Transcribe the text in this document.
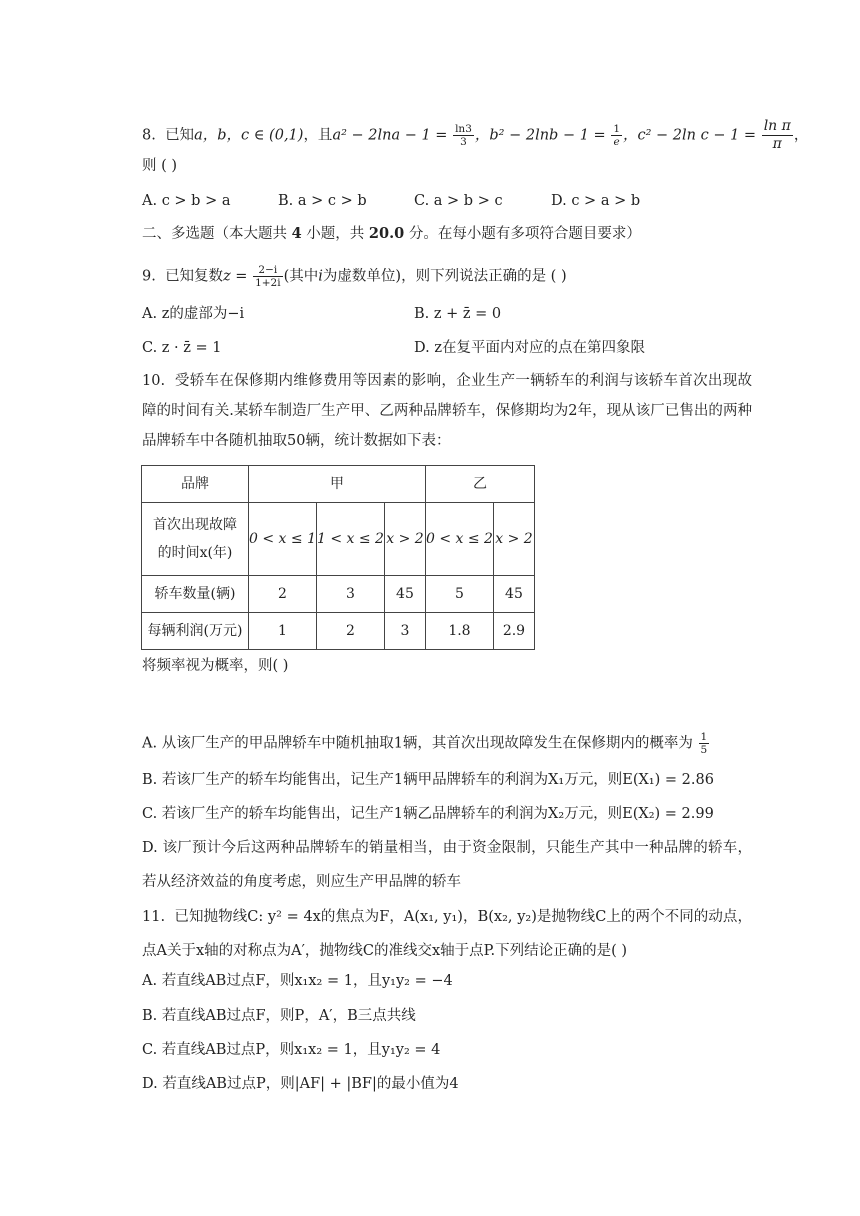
8. 已知a，b，c ∈ (0,1)，且$a^2 - 2\ln a - 1 = \frac{\ln 3}{3}$ ，$b^2 - 2\ln b - 1 = \frac{1}{e}$ ，c² − 2ln $c - 1 = \frac{\text{ln π}}{\pi}$ ，
则 ( )
A. c > b > a	B. a > c > b	C. a > b > c	D. c > a > b
二、多选题（本大题共 4 小题，共 20.0 分。在每小题有多项符合题目要求）
9. 已知复数$z = \frac{2-i}{1+2i}$ (其中i为虚数单位)，则下列说法正确的是 ( )
A. z的虚部为−i	B. z + z̄ = 0
C. z · z̄ = 1	D. z在复平面内对应的点在第四象限
10. 受轿车在保修期内维修费用等因素的影响，企业生产一辆轿车的利润与该轿车首次出现故障的时间有关.某轿车制造厂生产甲、乙两种品牌轿车，保修期均为2年，现从该厂已售出的两种品牌轿车中各随机抽取50辆，统计数据如下表：
品牌	甲			乙	

首次出现故障
的时间x(年)	0 < x ≤ 1	1 < x ≤ 2	x > 2	0 < x ≤ 2	x > 2
轿车数量(辆)	2	3	45	5	45
每辆利润(万元)	1	2	3	1.8	2.9
将频率视为概率，则( )
A. 从该厂生产的甲品牌轿车中随机抽取1辆，其首次出现故障发生在保修期内的概率为 $\frac{1}{5}$
B. 若该厂生产的轿车均能售出，记生产1辆甲品牌轿车的利润为X₁万元，则E(X₁) = 2.86
C. 若该厂生产的轿车均能售出，记生产1辆乙品牌轿车的利润为X₂万元，则E(X₂) = 2.99
D. 该厂预计今后这两种品牌轿车的销量相当，由于资金限制，只能生产其中一种品牌的轿车，若从经济效益的角度考虑，则应生产甲品牌的轿车
11. 已知抛物线C: y² = 4x的焦点为F，A(x₁, y₁)，B(x₂, y₂)是抛物线C上的两个不同的动点，点A关于x轴的对称点为A′，抛物线C的准线交x轴于点P.下列结论正确的是( )
A. 若直线AB过点F，则x₁x₂ = 1，且y₁y₂ = −4
B. 若直线AB过点F，则P，A′，B三点共线
C. 若直线AB过点P，则x₁x₂ = 1，且y₁y₂ = 4
D. 若直线AB过点P，则|AF| + |BF|的最小值为4
